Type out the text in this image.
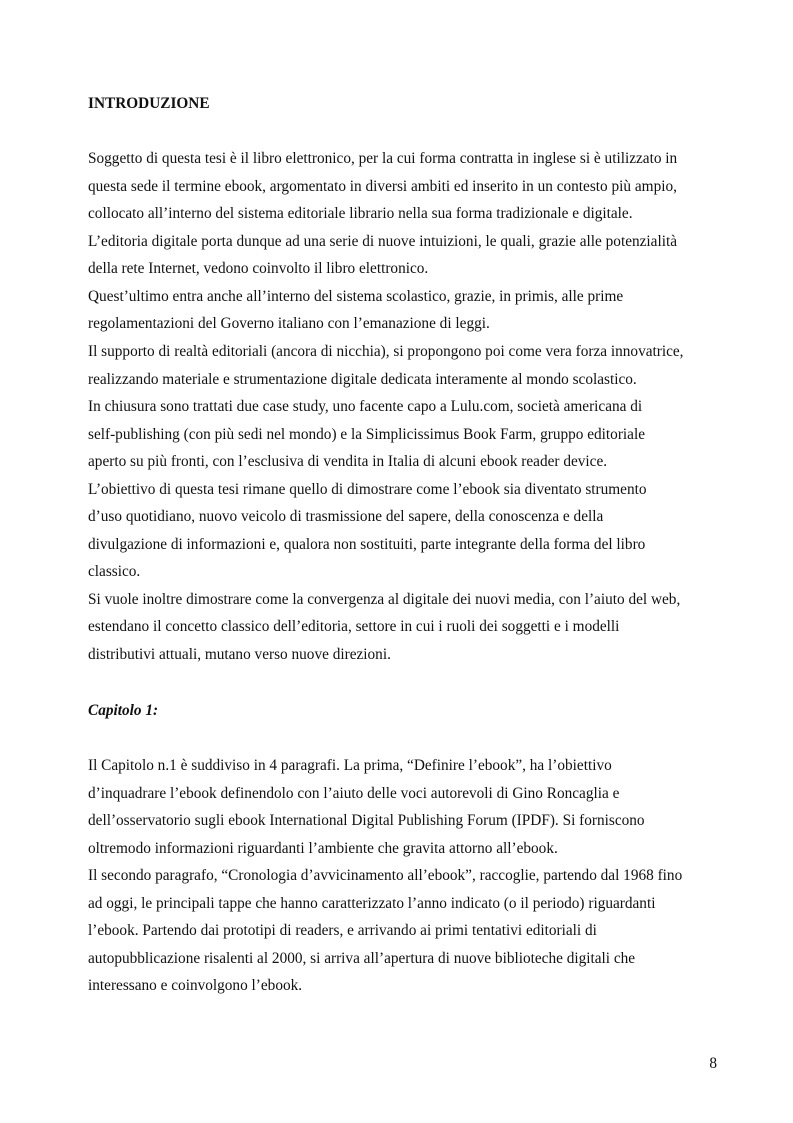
INTRODUZIONE
Soggetto di questa tesi è il libro elettronico, per la cui forma contratta in inglese si è utilizzato in
questa sede il termine ebook, argomentato in diversi ambiti ed inserito in un contesto più ampio,
collocato all’interno del sistema editoriale librario nella sua forma tradizionale e digitale.
L’editoria digitale porta dunque ad una serie di nuove intuizioni, le quali, grazie alle potenzialità
della rete Internet, vedono coinvolto il libro elettronico.
Quest’ultimo entra anche all’interno del sistema scolastico, grazie, in primis, alle prime
regolamentazioni del Governo italiano con l’emanazione di leggi.
Il supporto di realtà editoriali (ancora di nicchia), si propongono poi come vera forza innovatrice,
realizzando materiale e strumentazione digitale dedicata interamente al mondo scolastico.
In chiusura sono trattati due case study, uno facente capo a Lulu.com, società americana di
self-publishing (con più sedi nel mondo) e la Simplicissimus Book Farm, gruppo editoriale
aperto su più fronti, con l’esclusiva di vendita in Italia di alcuni ebook reader device.
L’obiettivo di questa tesi rimane quello di dimostrare come l’ebook sia diventato strumento
d’uso quotidiano, nuovo veicolo di trasmissione del sapere, della conoscenza e della
divulgazione di informazioni e, qualora non sostituiti, parte integrante della forma del libro
classico.
Si vuole inoltre dimostrare come la convergenza al digitale dei nuovi media, con l’aiuto del web,
estendano il concetto classico dell’editoria, settore in cui i ruoli dei soggetti e i modelli
distributivi attuali, mutano verso nuove direzioni.
Capitolo 1:
Il Capitolo n.1 è suddiviso in 4 paragrafi. La prima, “Definire l’ebook”, ha l’obiettivo
d’inquadrare l’ebook definendolo con l’aiuto delle voci autorevoli di Gino Roncaglia e
dell’osservatorio sugli ebook International Digital Publishing Forum (IPDF). Si forniscono
oltremodo informazioni riguardanti l’ambiente che gravita attorno all’ebook.
Il secondo paragrafo, “Cronologia d’avvicinamento all’ebook”, raccoglie, partendo dal 1968 fino
ad oggi, le principali tappe che hanno caratterizzato l’anno indicato (o il periodo) riguardanti
l’ebook. Partendo dai prototipi di readers, e arrivando ai primi tentativi editoriali di
autopubblicazione risalenti al 2000, si arriva all’apertura di nuove biblioteche digitali che
interessano e coinvolgono l’ebook.
8
